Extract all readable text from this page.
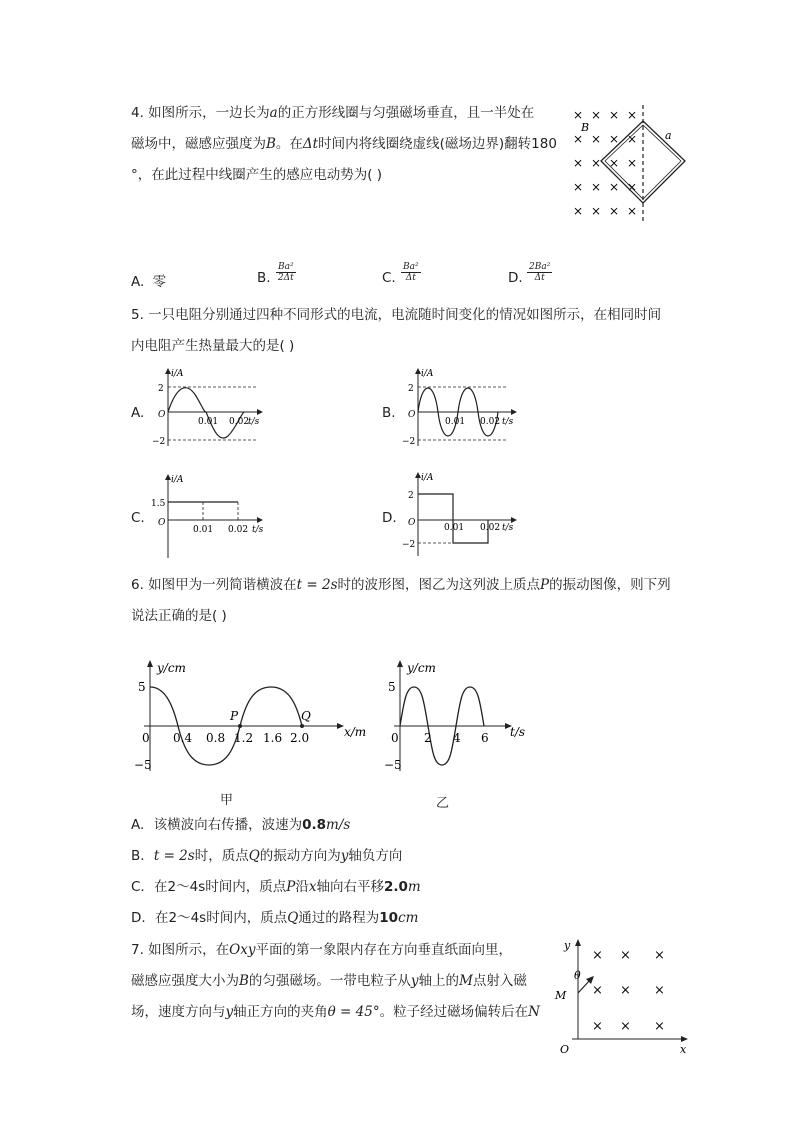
4. 如图所示，一边长为a的正方形线圈与匀强磁场垂直，且一半处在
磁场中，磁感应强度为B。在Δt时间内将线圈绕虚线(磁场边界)翻转180
°，在此过程中线圈产生的感应电动势为( )
× × × ×
× × × ×
× × × ×
× × × ×
× × × ×
B
a
A. 零	B. $\frac{\text{Ba²}}{2\Delta t}$	C. $\frac{\text{Ba²}}{\Delta t}$	D. $\frac{\text{2Ba²}}{\Delta t}$
5. 一只电阻分别通过四种不同形式的电流，电流随时间变化的情况如图所示，在相同时间
内电阻产生热量最大的是( )
A.
i/A
2
−2
O
0.01 0.02
t/s
B.
i/A
2
−2
O
0.01 0.02 t/s
C.
i/A
1.5
O
0.01 0.02 t/s
D.
i/A
2
−2
O	0.01 0.02 t/s
6. 如图甲为一列简谐横波在t = 2s时的波形图，图乙为这列波上质点P的振动图像，则下列
说法正确的是( )
y/cm
5
−5
0 0.4 0.8 1.2 1.6 2.0	x/m
P	Q
甲
y/cm
5
−5
0 2 4 6 t/s
乙
A. 该横波向右传播，波速为0.8m/s
B. t = 2s时，质点Q的振动方向为y轴负方向
C. 在2～4s时间内，质点P沿x轴向右平移2.0m
D. 在2～4s时间内，质点Q通过的路程为10cm
7. 如图所示，在Oxy平面的第一象限内存在方向垂直纸面向里，
磁感应强度大小为B的匀强磁场。一带电粒子从y轴上的M点射入磁
场，速度方向与y轴正方向的夹角θ = 45°。粒子经过磁场偏转后在N
× × ×
× × ×
× × ×
y
x
O
M
θ
